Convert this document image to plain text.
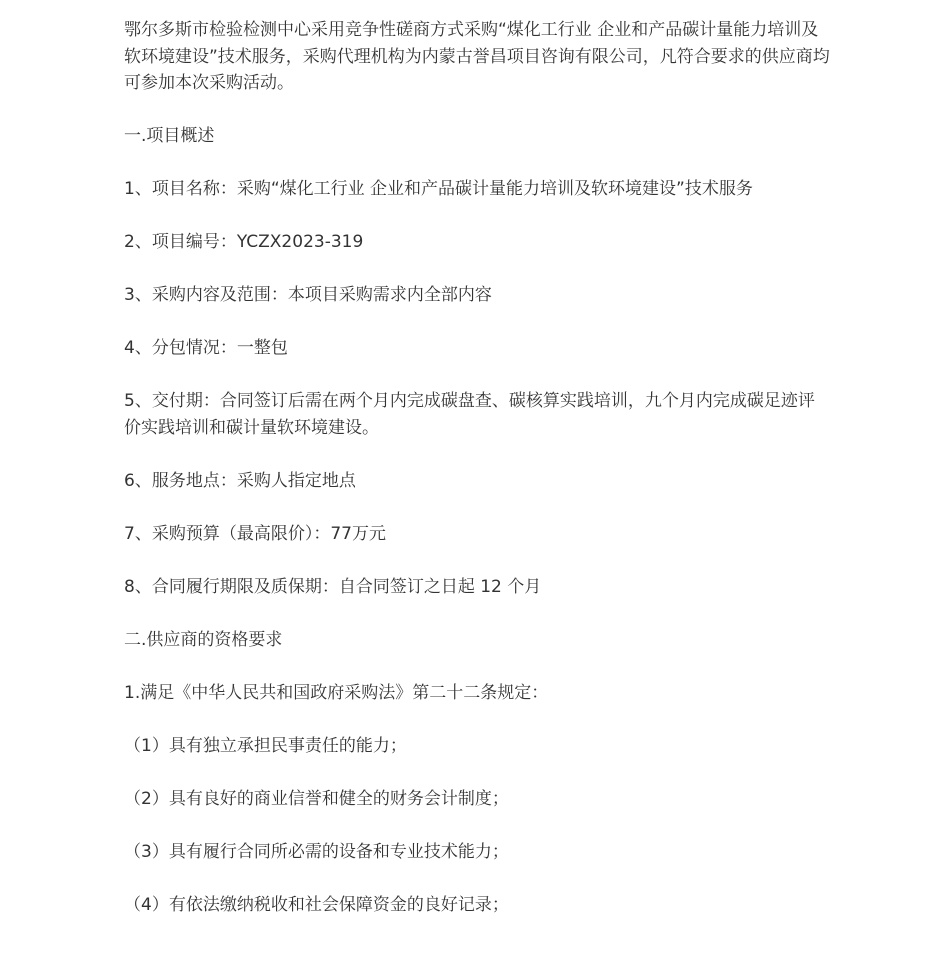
鄂尔多斯市检验检测中心采用竞争性磋商方式采购“煤化工行业 企业和产品碳计量能力培训及软环境建设”技术服务，采购代理机构为内蒙古誉昌项目咨询有限公司，凡符合要求的供应商均可参加本次采购活动。

一.项目概述

1、项目名称：采购“煤化工行业 企业和产品碳计量能力培训及软环境建设”技术服务

2、项目编号：YCZX2023-319

3、采购内容及范围：本项目采购需求内全部内容

4、分包情况：一整包

5、交付期：合同签订后需在两个月内完成碳盘查、碳核算实践培训，九个月内完成碳足迹评价实践培训和碳计量软环境建设。

6、服务地点：采购人指定地点

7、采购预算（最高限价）：77万元

8、合同履行期限及质保期：自合同签订之日起 12 个月

二.供应商的资格要求

1.满足《中华人民共和国政府采购法》第二十二条规定：

（1）具有独立承担民事责任的能力；

（2）具有良好的商业信誉和健全的财务会计制度；

（3）具有履行合同所必需的设备和专业技术能力；

（4）有依法缴纳税收和社会保障资金的良好记录；
